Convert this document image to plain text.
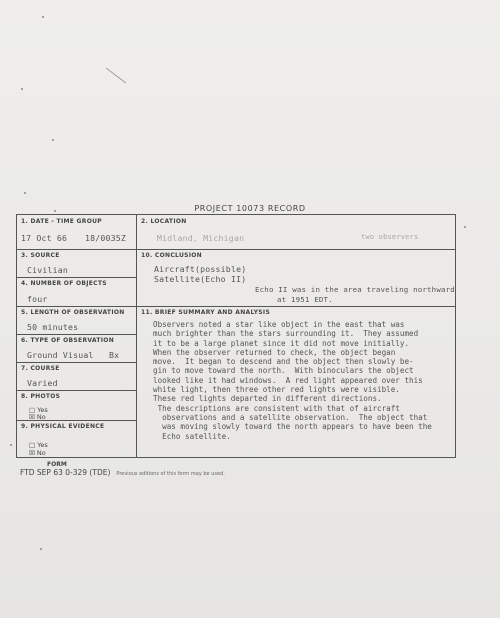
PROJECT 10073 RECORD
1. DATE - TIME GROUP
17 Oct 66 18/0035Z
2. LOCATION
Midland, Michigan	two observers
3. SOURCE
Civilian
4. NUMBER OF OBJECTS
four
5. LENGTH OF OBSERVATION
50 minutes
6. TYPE OF OBSERVATION
Ground Visual Bx
7. COURSE
Varied
8. PHOTOS
□ Yes
☒ No
9. PHYSICAL EVIDENCE
□ Yes
☒ No
10. CONCLUSION
Aircraft(possible)
Satellite(Echo II)
Echo II was in the area traveling northward
at 1951 EDT.
11. BRIEF SUMMARY AND ANALYSIS
Observers noted a star like object in the east that was
much brighter than the stars surrounding it.  They assumed
it to be a large planet since it did not move initially.
When the observer returned to check, the object began
move.  It began to descend and the object then slowly be-
gin to move toward the north.  With binoculars the object
looked like it had windows.  A red light appeared over this
white light, then three other red lights were visible.
These red lights departed in different directions.
The descriptions are consistent with that of aircraft
observations and a satellite observation.  The object that
was moving slowly toward the north appears to have been the
Echo satellite.
FORM
FTD SEP 63 0-329 (TDE) Previous editions of this form may be used.
